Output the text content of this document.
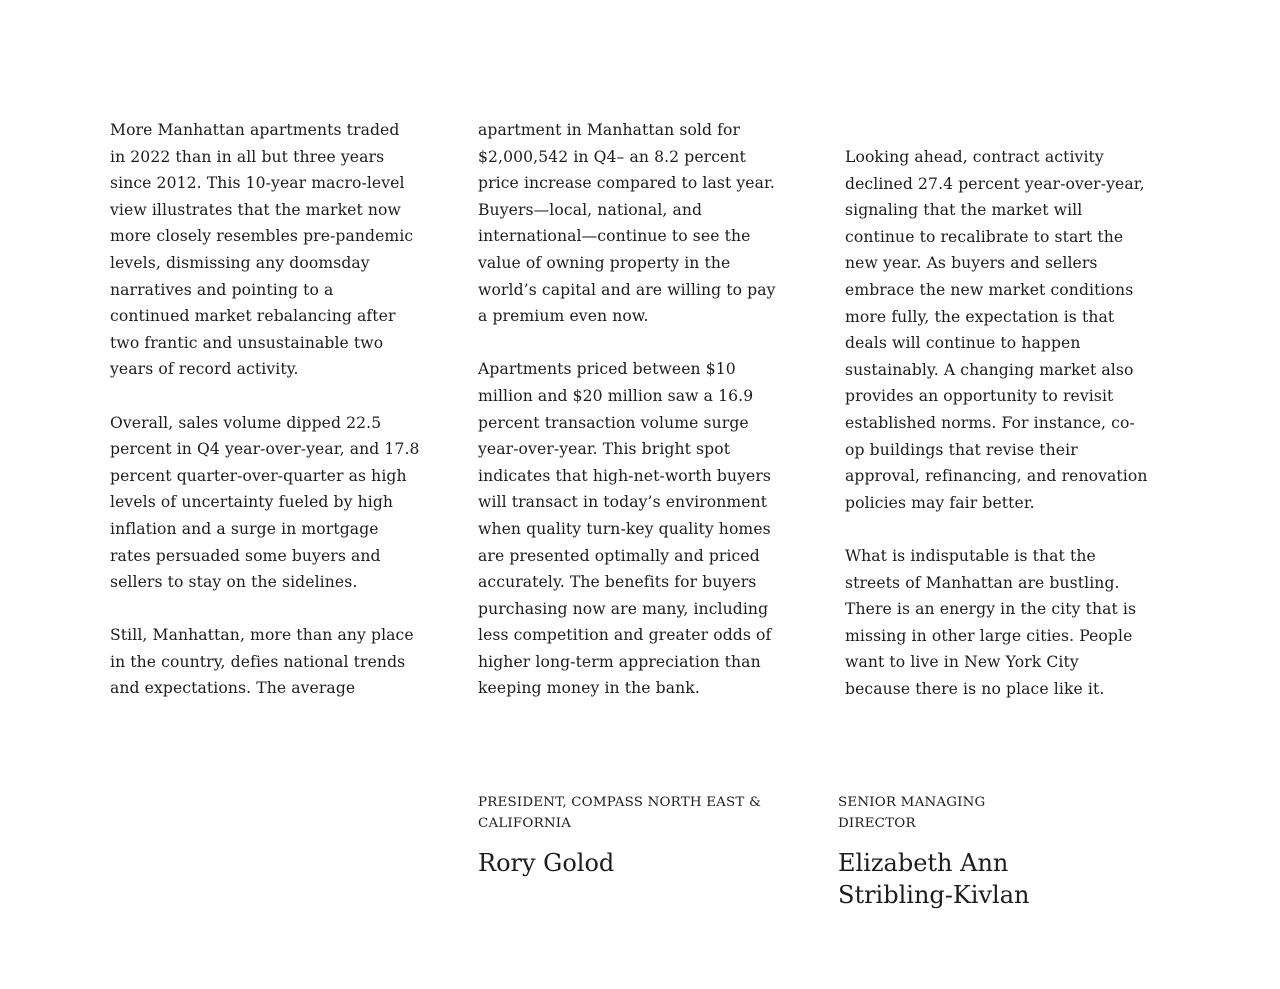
More Manhattan apartments traded
in 2022 than in all but three years
since 2012. This 10-year macro-level
view illustrates that the market now
more closely resembles pre-pandemic
levels, dismissing any doomsday
narratives and pointing to a
continued market rebalancing after
two frantic and unsustainable two
years of record activity.

Overall, sales volume dipped 22.5
percent in Q4 year-over-year, and 17.8
percent quarter-over-quarter as high
levels of uncertainty fueled by high
inflation and a surge in mortgage
rates persuaded some buyers and
sellers to stay on the sidelines.

Still, Manhattan, more than any place
in the country, defies national trends
and expectations. The average

apartment in Manhattan sold for
$2,000,542 in Q4– an 8.2 percent
price increase compared to last year.
Buyers—local, national, and
international—continue to see the
value of owning property in the
world’s capital and are willing to pay
a premium even now.

Apartments priced between $10
million and $20 million saw a 16.9
percent transaction volume surge
year-over-year. This bright spot
indicates that high-net-worth buyers
will transact in today’s environment
when quality turn-key quality homes
are presented optimally and priced
accurately. The benefits for buyers
purchasing now are many, including
less competition and greater odds of
higher long-term appreciation than
keeping money in the bank.

Looking ahead, contract activity
declined 27.4 percent year-over-year,
signaling that the market will
continue to recalibrate to start the
new year. As buyers and sellers
embrace the new market conditions
more fully, the expectation is that
deals will continue to happen
sustainably. A changing market also
provides an opportunity to revisit
established norms. For instance, co-
op buildings that revise their
approval, refinancing, and renovation
policies may fair better.

What is indisputable is that the
streets of Manhattan are bustling.
There is an energy in the city that is
missing in other large cities. People
want to live in New York City
because there is no place like it.

PRESIDENT, COMPASS NORTH EAST &
CALIFORNIA

Rory Golod

SENIOR MANAGING
DIRECTOR

Elizabeth Ann
Stribling-Kivlan
